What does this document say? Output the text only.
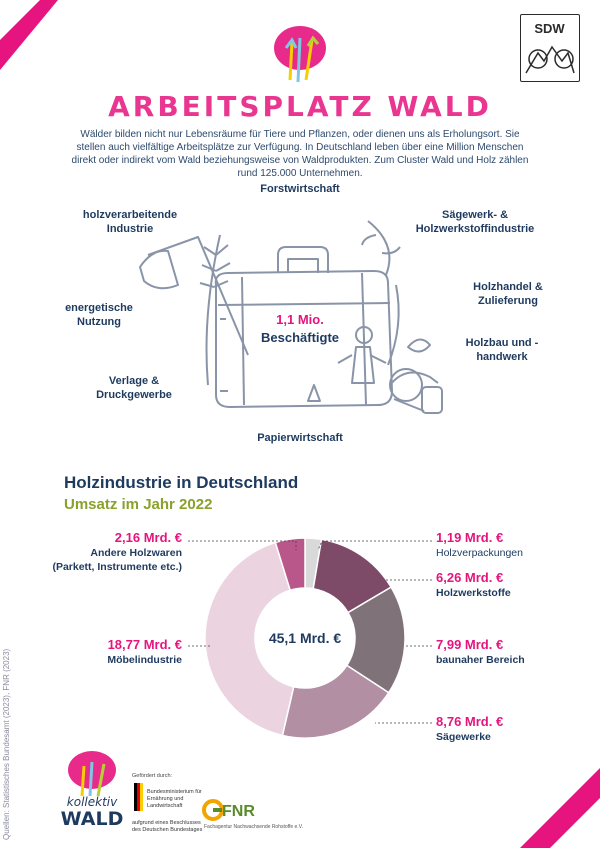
SDW
ARBEITSPLATZ WALD
Wälder bilden nicht nur Lebensräume für Tiere und Pflanzen, oder dienen uns als Erholungsort. Sie stellen auch vielfältige Arbeitsplätze zur Verfügung. In Deutschland leben über eine Million Menschen direkt oder indirekt vom Wald beziehungsweise von Waldprodukten. Zum Cluster Wald und Holz zählen rund 125.000 Unternehmen.
Forstwirtschaft
holzverarbeitende Industrie
Sägewerk- & Holzwerkstoffindustrie
Holzhandel & Zulieferung
energetische Nutzung
Holzbau und -handwerk
Verlage & Druckgewerbe
Papierwirtschaft
1,1 Mio.
Beschäftigte
Holzindustrie in Deutschland
Umsatz im Jahr 2022
45,1 Mrd. €
2,16 Mrd. €
Andere Holzwaren
(Parkett, Instrumente etc.)
18,77 Mrd. €
Möbelindustrie
1,19 Mrd. €
Holzverpackungen
6,26 Mrd. €
Holzwerkstoffe
7,99 Mrd. €
baunaher Bereich
8,76 Mrd. €
Sägewerke
Quellen: Statistisches Bundesamt (2023), FNR (2023)	kollektiv
WALD
Gefördert durch:
Bundesministerium für Ernährung und Landwirtschaft
aufgrund eines Beschlusses des Deutschen Bundestages
FNR
Fachagentur Nachwachsende Rohstoffe e.V.
